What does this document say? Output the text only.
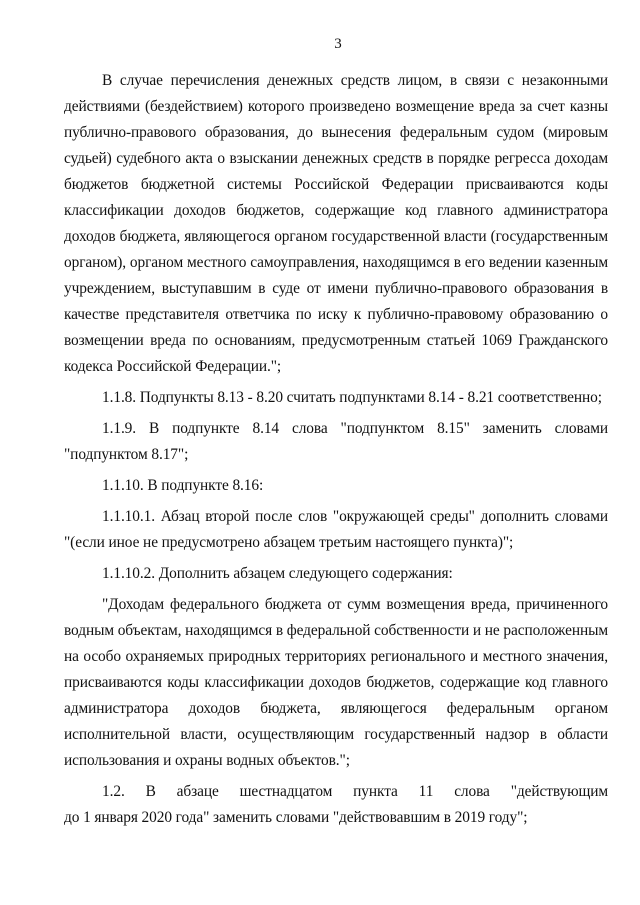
3
В случае перечисления денежных средств лицом, в связи с незаконными
действиями (бездействием) которого произведено возмещение вреда за счет казны
публично-правового образования, до вынесения федеральным судом (мировым
судьей) судебного акта о взыскании денежных средств в порядке регресса доходам
бюджетов бюджетной системы Российской Федерации присваиваются коды
классификации доходов бюджетов, содержащие код главного администратора
доходов бюджета, являющегося органом государственной власти (государственным
органом), органом местного самоуправления, находящимся в его ведении казенным
учреждением, выступавшим в суде от имени публично-правового образования в
качестве представителя ответчика по иску к публично-правовому образованию о
возмещении вреда по основаниям, предусмотренным статьей 1069 Гражданского
кодекса Российской Федерации.";
1.1.8. Подпункты 8.13 - 8.20 считать подпунктами 8.14 - 8.21 соответственно;
1.1.9. В подпункте 8.14 слова "подпунктом 8.15" заменить словами
"подпунктом 8.17";
1.1.10. В подпункте 8.16:
1.1.10.1. Абзац второй после слов "окружающей среды" дополнить словами
"(если иное не предусмотрено абзацем третьим настоящего пункта)";
1.1.10.2. Дополнить абзацем следующего содержания:
"Доходам федерального бюджета от сумм возмещения вреда, причиненного
водным объектам, находящимся в федеральной собственности и не расположенным
на особо охраняемых природных территориях регионального и местного значения,
присваиваются коды классификации доходов бюджетов, содержащие код главного
администратора доходов бюджета, являющегося федеральным органом
исполнительной власти, осуществляющим государственный надзор в области
использования и охраны водных объектов.";
1.2. В абзаце шестнадцатом пункта 11 слова "действующим
до 1 января 2020 года" заменить словами "действовавшим в 2019 году";
